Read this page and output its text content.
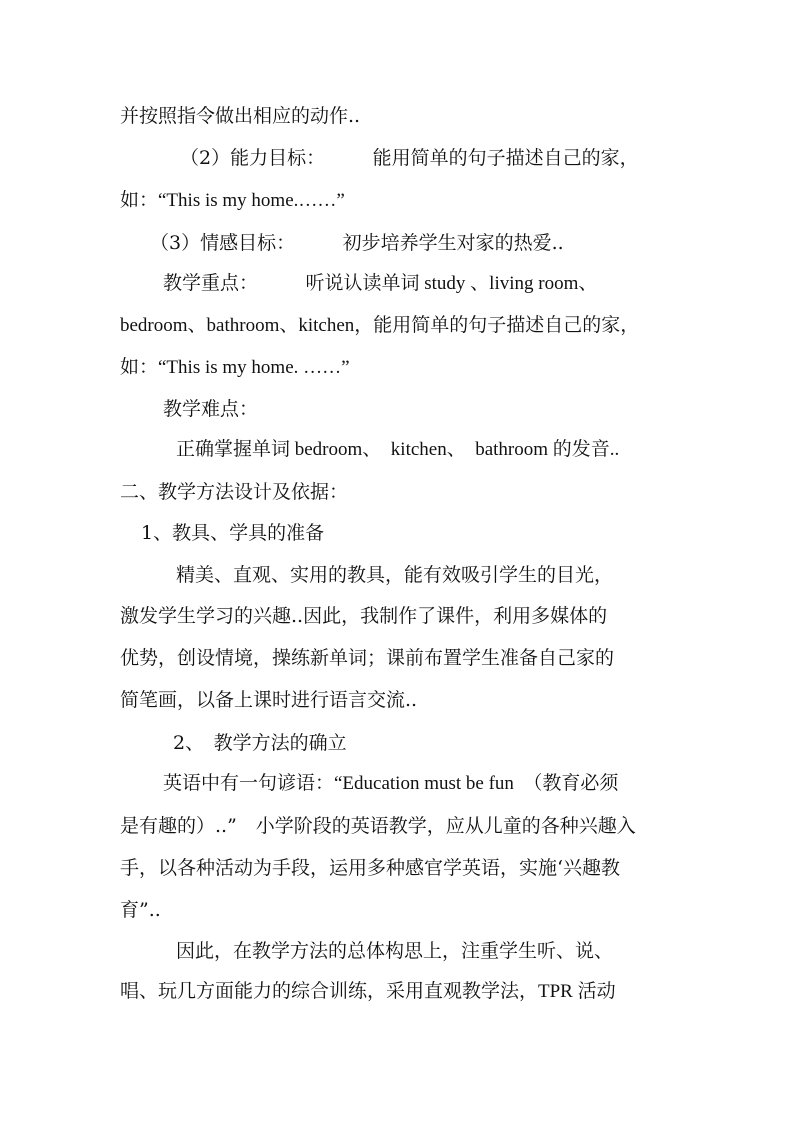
并按照指令做出相应的动作..
（2）能力目标：　　　能用简单的句子描述自己的家，
如：“This is my home.……”
（3）情感目标：　　　初步培养学生对家的热爱..
教学重点：　　　听说认读单词 study 、living room、
bedroom、bathroom、kitchen，能用简单的句子描述自己的家，
如：“This is my home. ……”
教学难点：
正确掌握单词 bedroom、　kitchen、　bathroom 的发音..
二、教学方法设计及依据：
1、教具、学具的准备
精美、直观、实用的教具，能有效吸引学生的目光，
激发学生学习的兴趣..因此，我制作了课件，利用多媒体的
优势，创设情境，操练新单词；课前布置学生准备自己家的
简笔画，以备上课时进行语言交流..
2、　教学方法的确立
英语中有一句谚语：“Education must be fun　（教育必须
是有趣的）..”　小学阶段的英语教学，应从儿童的各种兴趣入
手，以各种活动为手段，运用多种感官学英语，实施‘兴趣教
育”..
因此，在教学方法的总体构思上，注重学生听、说、
唱、玩几方面能力的综合训练，采用直观教学法，TPR 活动
